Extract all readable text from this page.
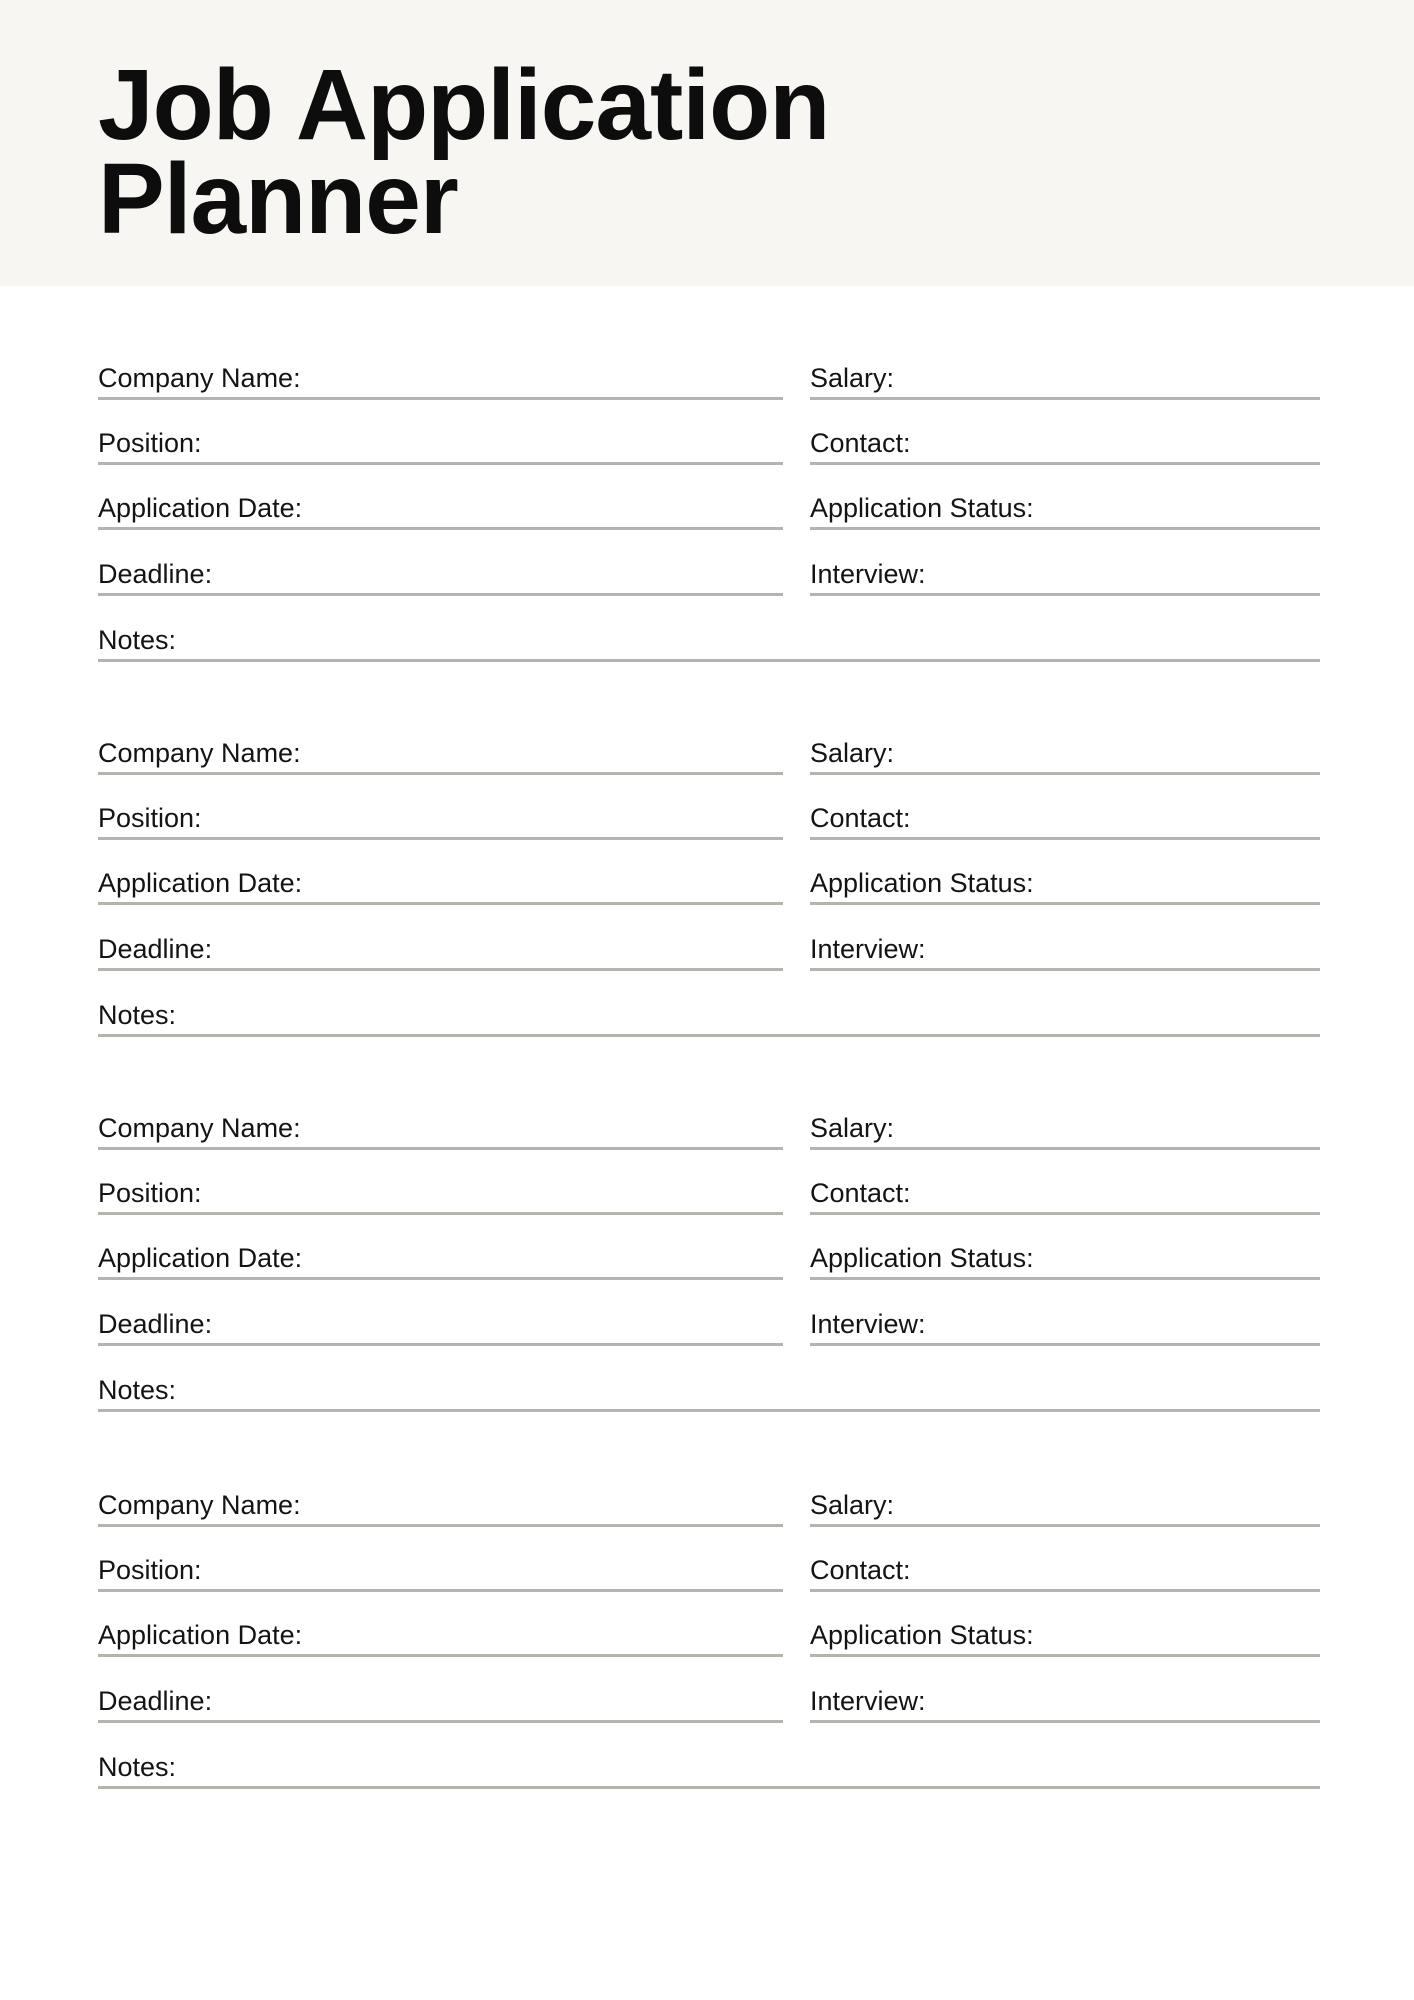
Job Application
Planner
Company Name:	Salary:
Position:	Contact:
Application Date:	Application Status:
Deadline:	Interview:
Notes:
Company Name:	Salary:
Position:	Contact:
Application Date:	Application Status:
Deadline:	Interview:
Notes:
Company Name:	Salary:
Position:	Contact:
Application Date:	Application Status:
Deadline:	Interview:
Notes:
Company Name:	Salary:
Position:	Contact:
Application Date:	Application Status:
Deadline:	Interview:
Notes:
